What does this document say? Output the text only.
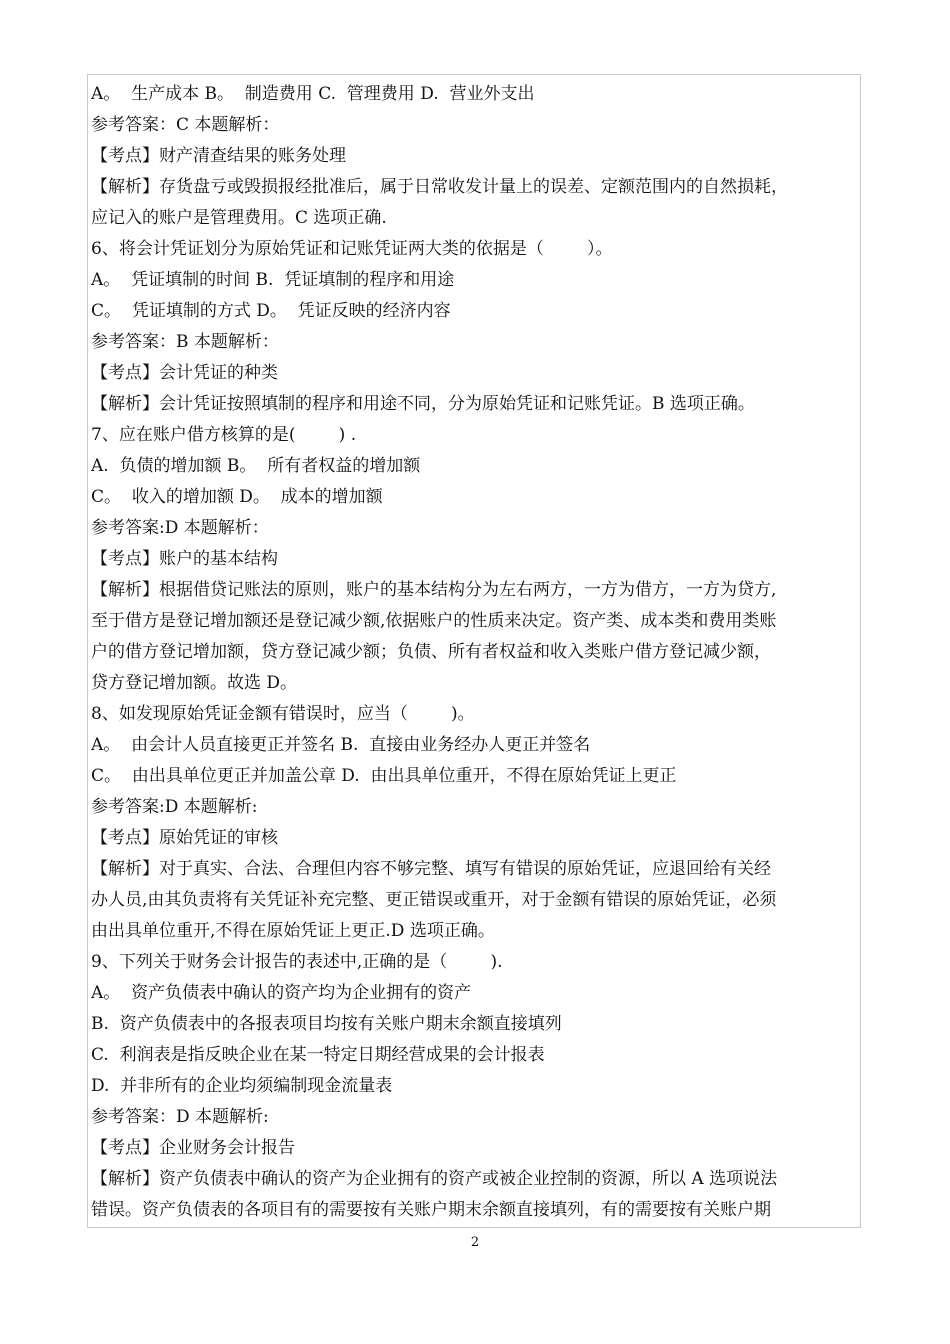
A。  生产成本 B。  制造费用 C.  管理费用 D.  营业外支出
参考答案：C 本题解析：
【考点】财产清查结果的账务处理
【解析】存货盘亏或毁损报经批准后，属于日常收发计量上的误差、定额范围内的自然损耗，
应记入的账户是管理费用。C 选项正确.
6、将会计凭证划分为原始凭证和记账凭证两大类的依据是（        ）。
A。  凭证填制的时间 B.  凭证填制的程序和用途
C。  凭证填制的方式 D。  凭证反映的经济内容
参考答案：B 本题解析：
【考点】会计凭证的种类
【解析】会计凭证按照填制的程序和用途不同，分为原始凭证和记账凭证。B 选项正确。
7、应在账户借方核算的是(        ) .
A.  负债的增加额 B。  所有者权益的增加额
C。  收入的增加额 D。  成本的增加额
参考答案:D 本题解析：
【考点】账户的基本结构
【解析】根据借贷记账法的原则，账户的基本结构分为左右两方，一方为借方，一方为贷方,
至于借方是登记增加额还是登记减少额,依据账户的性质来决定。资产类、成本类和费用类账
户的借方登记增加额，贷方登记减少额；负债、所有者权益和收入类账户借方登记减少额，
贷方登记增加额。故选 D。
8、如发现原始凭证金额有错误时，应当（        )。
A。  由会计人员直接更正并签名 B.  直接由业务经办人更正并签名
C。  由出具单位更正并加盖公章 D.  由出具单位重开，不得在原始凭证上更正
参考答案:D 本题解析:
【考点】原始凭证的审核
【解析】对于真实、合法、合理但内容不够完整、填写有错误的原始凭证，应退回给有关经
办人员,由其负责将有关凭证补充完整、更正错误或重开，对于金额有错误的原始凭证，必须
由出具单位重开,不得在原始凭证上更正.D 选项正确。
9、下列关于财务会计报告的表述中,正确的是（        ).
A。  资产负债表中确认的资产均为企业拥有的资产
B.  资产负债表中的各报表项目均按有关账户期末余额直接填列
C.  利润表是指反映企业在某一特定日期经营成果的会计报表
D.  并非所有的企业均须编制现金流量表
参考答案：D 本题解析:
【考点】企业财务会计报告
【解析】资产负债表中确认的资产为企业拥有的资产或被企业控制的资源，所以 A 选项说法
错误。资产负债表的各项目有的需要按有关账户期末余额直接填列，有的需要按有关账户期
2
